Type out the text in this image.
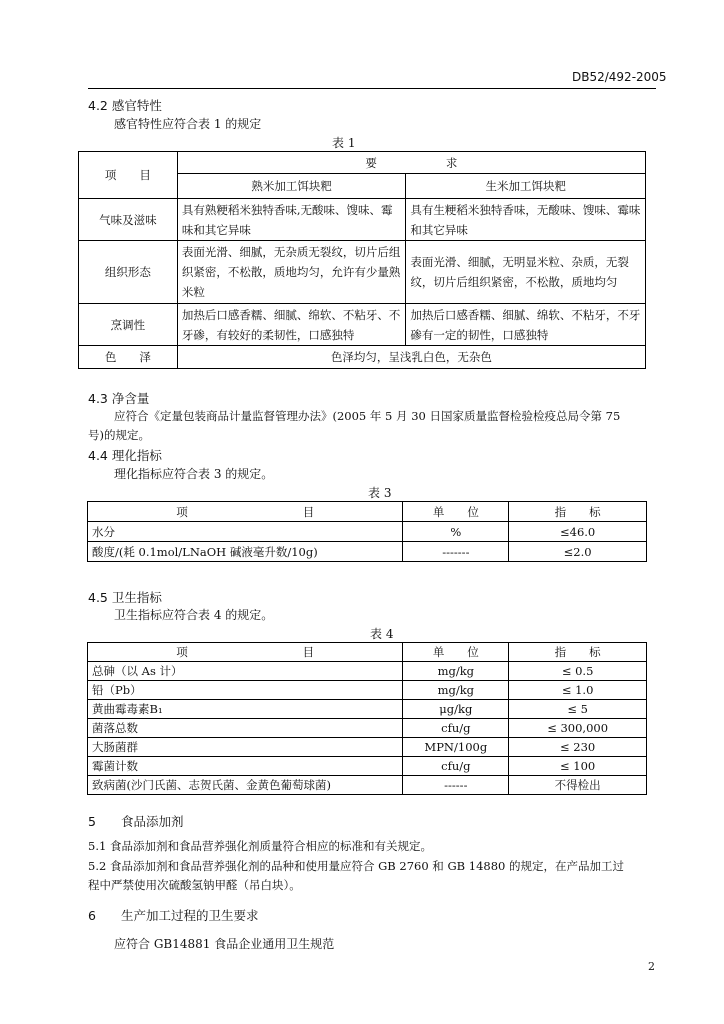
DB52/492-2005
4.2 感官特性
感官特性应符合表 1 的规定
表 1
项　　目	要　　　　　　求	
	熟米加工饵块粑	生米加工饵块粑
气味及滋味	具有熟粳稻米独特香味,无酸味、馊味、霉味和其它异味	具有生粳稻米独特香味，无酸味、馊味、霉味和其它异味
组织形态	表面光滑、细腻，无杂质无裂纹，切片后组织紧密，不松散，质地均匀，允许有少量熟米粒	表面光滑、细腻，无明显米粒、杂质，无裂纹，切片后组织紧密，不松散，质地均匀
烹调性	加热后口感香糯、细腻、绵软、不粘牙、不牙碜，有较好的柔韧性，口感独特	加热后口感香糯、细腻、绵软、不粘牙，不牙碜有一定的韧性，口感独特
色　　泽	色泽均匀，呈浅乳白色，无杂色	
4.3 净含量
应符合《定量包装商品计量监督管理办法》(2005 年 5 月 30 日国家质量监督检验检疫总局令第 75
号)的规定。
4.4 理化指标
理化指标应符合表 3 的规定。
表 3
项　　　　　　　　　　目	单　　位	指　　标
水分	%	≤46.0
酸度/(耗 0.1mol/LNaOH 碱液毫升数/10g)	-------	≤2.0
4.5 卫生指标
卫生指标应符合表 4 的规定。
表 4
项　　　　　　　　　　目	单　　位	指　　标
总砷（以 As 计）	mg/kg	≤ 0.5
铅（Pb）	mg/kg	≤ 1.0
黄曲霉毒素B₁	μg/kg	≤ 5
菌落总数	cfu/g	≤ 300,000
大肠菌群	MPN/100g	≤ 230
霉菌计数	cfu/g	≤ 100
致病菌(沙门氏菌、志贺氏菌、金黄色葡萄球菌)	------	不得检出
5　　食品添加剂
5.1 食品添加剂和食品营养强化剂质量符合相应的标准和有关规定。
5.2 食品添加剂和食品营养强化剂的品种和使用量应符合 GB 2760 和 GB 14880 的规定，在产品加工过
程中严禁使用次硫酸氢钠甲醛（吊白块）。
6　　生产加工过程的卫生要求
应符合 GB14881 食品企业通用卫生规范
2
